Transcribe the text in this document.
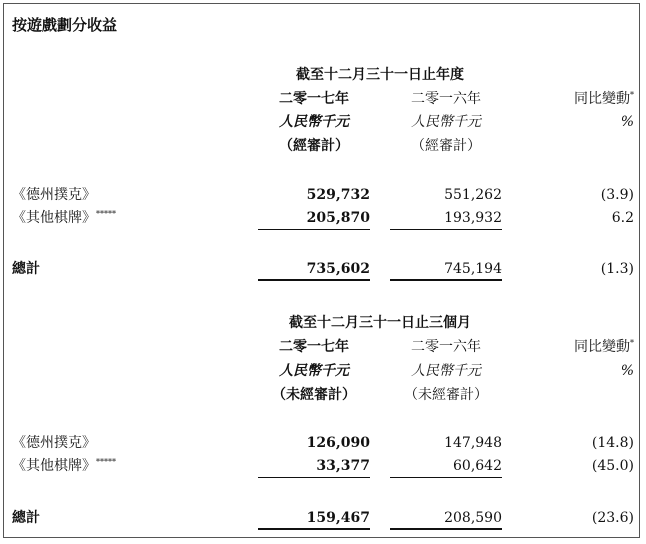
按遊戲劃分收益
截至十二月三十一日止年度
二零一七年	二零一六年	同比變動*
人民幣千元	人民幣千元	%
（經審計）	（經審計）
《德州撲克》	529,732	551,262	(3.9)
《其他棋牌》*****	205,870	193,932	6.2
總計	735,602	745,194	(1.3)
截至十二月三十一日止三個月
二零一七年	二零一六年	同比變動*
人民幣千元	人民幣千元	%
（未經審計）	（未經審計）
《德州撲克》	126,090	147,948	(14.8)
《其他棋牌》*****	33,377	60,642	(45.0)
總計	159,467	208,590	(23.6)
